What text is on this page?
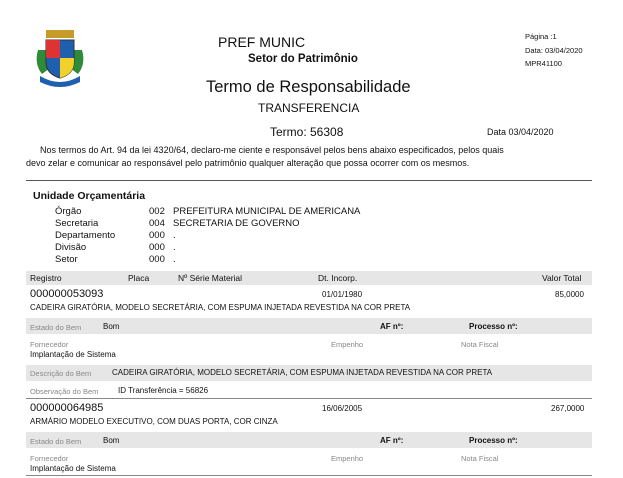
PREF MUNIC
Setor do Patrimônio
Termo de Responsabilidade
TRANSFERENCIA
Página :1
Data: 03/04/2020
MPR41100
Termo: 56308	Data 03/04/2020
Nos termos do Art. 94 da lei 4320/64, declaro-me ciente e responsável pelos bens abaixo especificados, pelos quais
devo zelar e comunicar ao responsável pelo patrimônio qualquer alteração que possa ocorrer com os mesmos.
Unidade Orçamentária
Órgão	002 PREFEITURA MUNICIPAL DE AMERICANA
Secretaria	004 SECRETARIA DE GOVERNO
Departamento	000 .
Divisão	000 .
Setor	000 .
Registro	Placa	Nº Série Material	Dt. Incorp.	Valor Total
000000053093	01/01/1980	85,0000
CADEIRA GIRATÓRIA, MODELO SECRETÁRIA, COM ESPUMA INJETADA REVESTIDA NA COR PRETA
Estado do Bem	Bom	AF nº:	Processo nº:
Fornecedor	Empenho	Nota Fiscal
Implantação de Sistema
Descrição do Bem	CADEIRA GIRATÓRIA, MODELO SECRETÁRIA, COM ESPUMA INJETADA REVESTIDA NA COR PRETA
Observação do Bem ID Transferência = 56826
000000064985	16/06/2005	267,0000
ARMÁRIO MODELO EXECUTIVO, COM DUAS PORTA, COR CINZA
Estado do Bem	Bom	AF nº:	Processo nº:
Fornecedor	Empenho	Nota Fiscal
Implantação de Sistema
